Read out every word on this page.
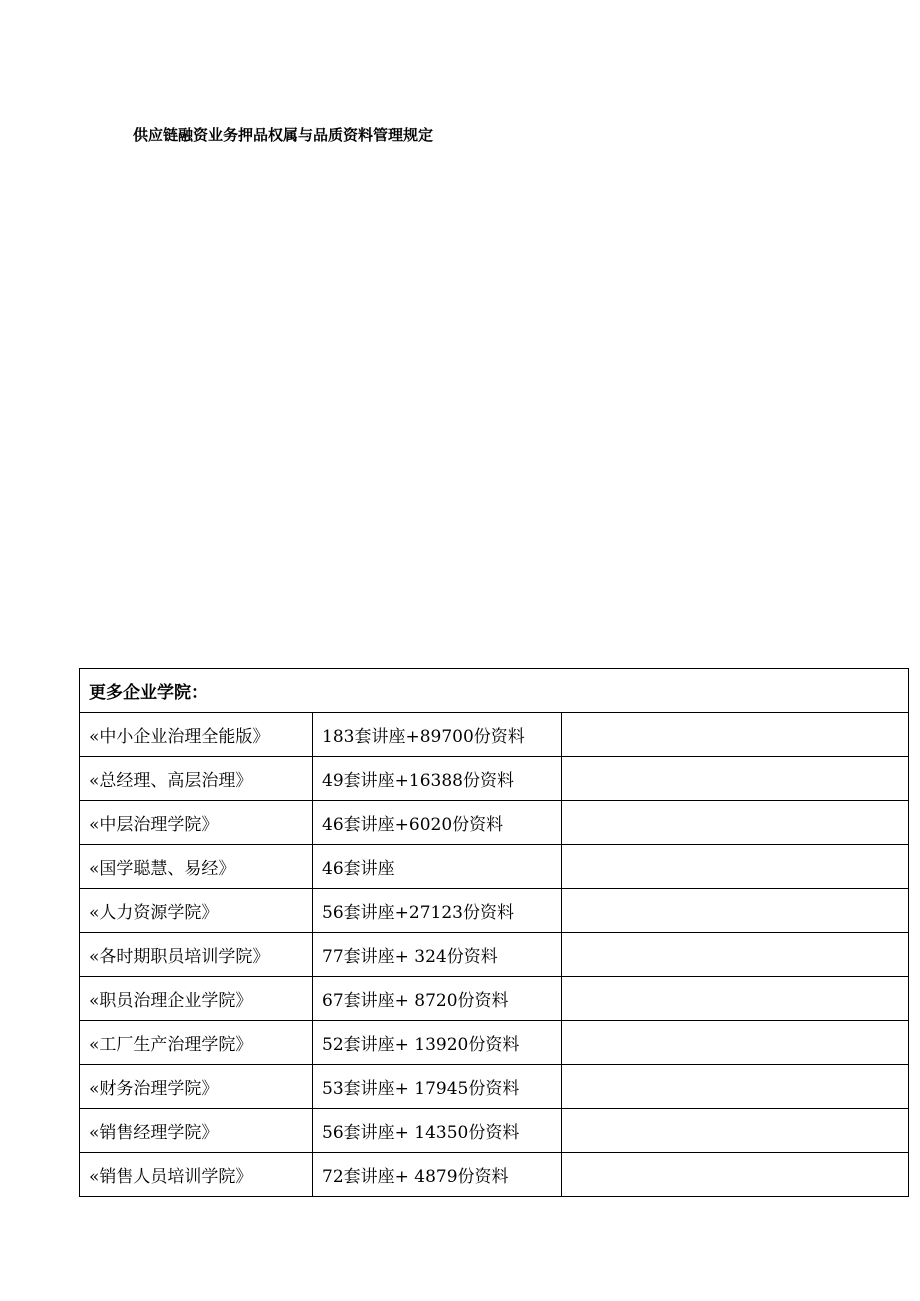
供应链融资业务押品权属与品质资料管理规定
更多企业学院：		
«中小企业治理全能版》	183套讲座+89700份资料	
«总经理、高层治理》	49套讲座+16388份资料	
«中层治理学院》	46套讲座+6020份资料	
«国学聪慧、易经》	46套讲座	
«人力资源学院》	56套讲座+27123份资料	
«各时期职员培训学院》	77套讲座+ 324份资料	
«职员治理企业学院》	67套讲座+ 8720份资料	
«工厂生产治理学院》	52套讲座+ 13920份资料	
«财务治理学院》	53套讲座+ 17945份资料	
«销售经理学院》	56套讲座+ 14350份资料	
«销售人员培训学院》	72套讲座+ 4879份资料	
